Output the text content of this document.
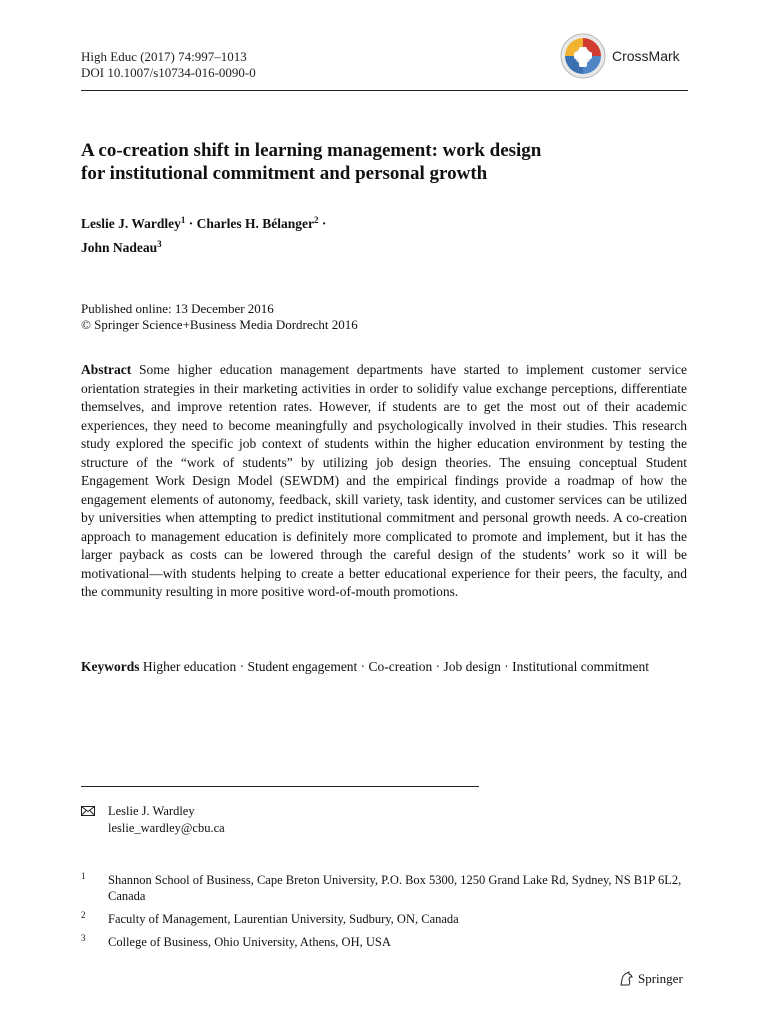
High Educ (2017) 74:997–1013
DOI 10.1007/s10734-016-0090-0
CrossMark
A co-creation shift in learning management: work design
for institutional commitment and personal growth
Leslie J. Wardley$^1$ · Charles H. Bélanger$^2$ ·
John Nadeau$^3$
Published online: 13 December 2016
© Springer Science+Business Media Dordrecht 2016

Abstract Some higher education management departments have started to implement customer service orientation strategies in their marketing activities in order to solidify value exchange perceptions, differentiate themselves, and improve retention rates. However, if students are to get the most out of their academic experiences, they need to become meaningfully and psychologically involved in their studies. This research study explored the specific job context of students within the higher education environment by testing the structure of the “work of students” by utilizing job design theories. The ensuing conceptual Student Engagement Work Design Model (SEWDM) and the empirical findings provide a roadmap of how the engagement elements of autonomy, feedback, skill variety, task identity, and customer services can be utilized by universities when attempting to predict institutional commitment and personal growth needs. A co-creation approach to management education is definitely more complicated to promote and implement, but it has the larger payback as costs can be lowered through the careful design of the students’ work so it will be motivational—with students helping to create a better educational experience for their peers, the faculty, and the community resulting in more positive word-of-mouth promotions.

Keywords Higher education · Student engagement · Co-creation · Job design · Institutional commitment

Leslie J. Wardley
leslie_wardley@cbu.ca
1 Shannon School of Business, Cape Breton University, P.O. Box 5300, 1250 Grand Lake Rd, Sydney, NS B1P 6L2, Canada
2 Faculty of Management, Laurentian University, Sudbury, ON, Canada
3 College of Business, Ohio University, Athens, OH, USA
Springer
